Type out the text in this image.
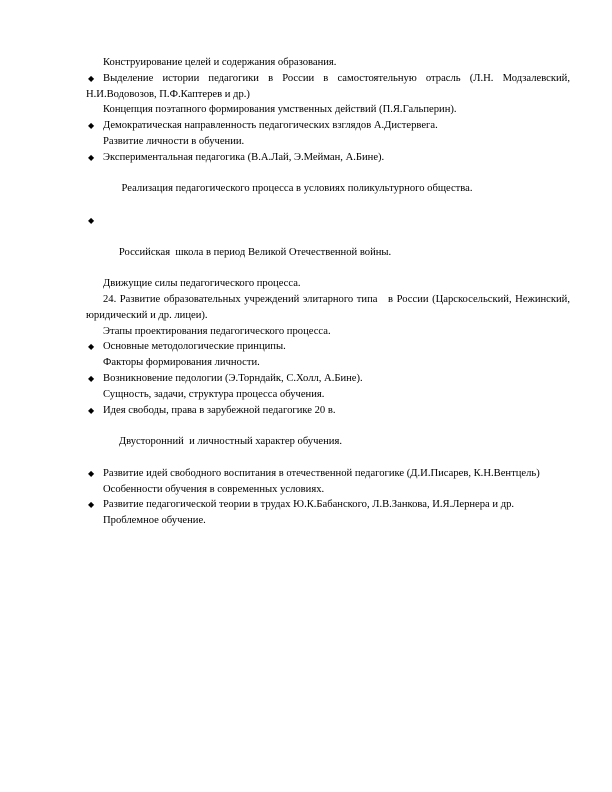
Конструирование целей и содержания образования.

◆ Выделение истории педагогики в России в самостоятельную отрасль (Л.Н. Модзалевский, Н.И.Водовозов, П.Ф.Каптерев и др.)

Концепция поэтапного формирования умственных действий (П.Я.Гальперин).

◆ Демократическая направленность педагогических взглядов А.Дистервега.

Развитие личности в обучении.

◆ Экспериментальная педагогика (В.А.Лай, Э.Мейман, А.Бине).

Реализация педагогического процесса в условиях поликультурного общества.

◆

Российская  школа в период Великой Отечественной войны.

Движущие силы педагогического процесса.

24. Развитие образовательных учреждений элитарного типа   в России (Царскосельский, Нежинский, юридический и др. лицеи).

Этапы проектирования педагогического процесса.

◆ Основные методологические принципы.

Факторы формирования личности.

◆ Возникновение педологии (Э.Торндайк, С.Холл, А.Бине).

Сущность, задачи, структура процесса обучения.

◆ Идея свободы, права в зарубежной педагогике 20 в.

Двусторонний  и личностный характер обучения.

◆ Развитие идей свободного воспитания в отечественной педагогике (Д.И.Писарев, К.Н.Вентцель)

Особенности обучения в современных условиях.

◆ Развитие педагогической теории в трудах Ю.К.Бабанского, Л.В.Занкова, И.Я.Лернера и др.

Проблемное обучение.
